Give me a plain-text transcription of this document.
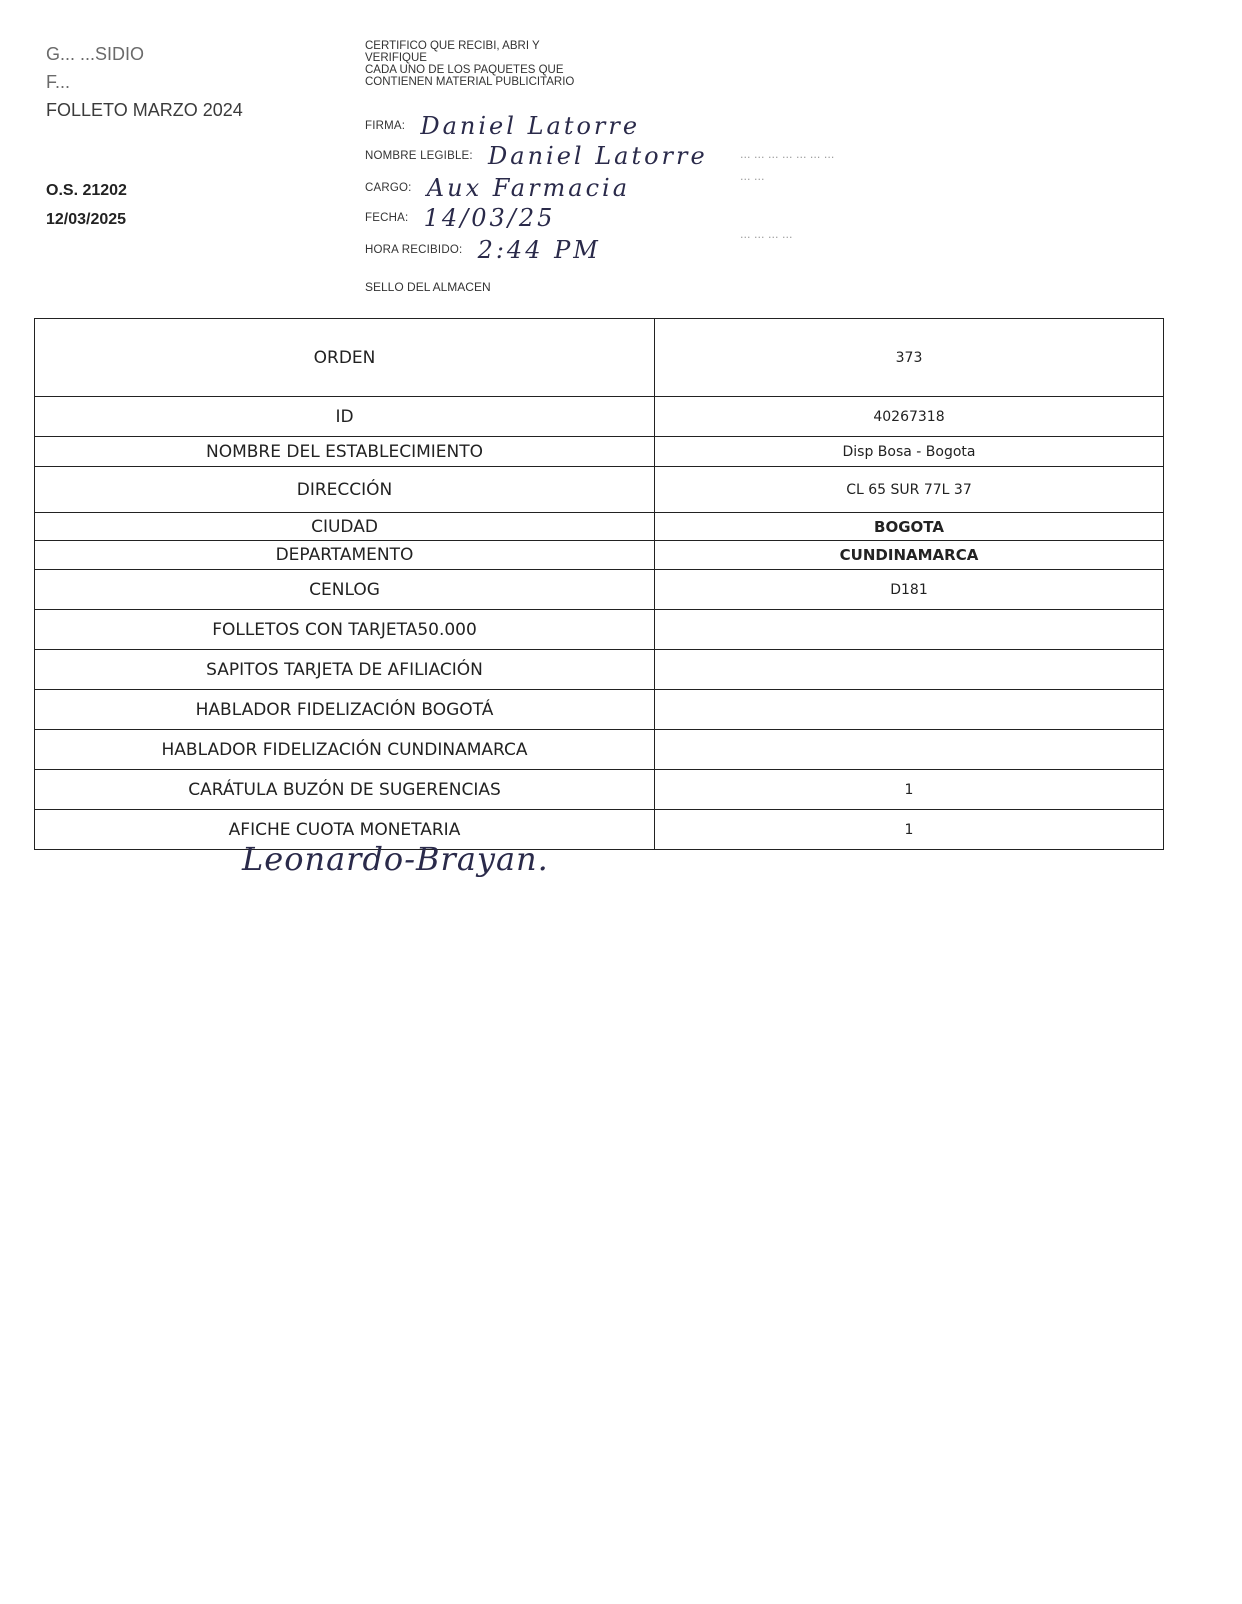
G... ...SIDIO
F...
FOLLETO MARZO 2024
O.S. 21202
12/03/2025
CERTIFICO QUE RECIBI, ABRI Y
VERIFIQUE
CADA UNO DE LOS PAQUETES QUE
CONTIENEN MATERIAL PUBLICITARIO
FIRMA: Daniel Latorre
NOMBRE LEGIBLE: Daniel Latorre
CARGO: Aux Farmacia
FECHA: 14/03/25
HORA RECIBIDO: 2:44 PM
SELLO DEL ALMACEN
... ... ... ... ... ... ...
... ...
... ... ... ...
ORDEN	373
ID	40267318
NOMBRE DEL ESTABLECIMIENTO	Disp Bosa - Bogota
DIRECCIÓN	CL 65 SUR 77L 37
CIUDAD	BOGOTA
DEPARTAMENTO	CUNDINAMARCA
CENLOG	D181
FOLLETOS CON TARJETA50.000	
SAPITOS TARJETA DE AFILIACIÓN	
HABLADOR FIDELIZACIÓN BOGOTÁ	
HABLADOR FIDELIZACIÓN CUNDINAMARCA	
CARÁTULA BUZÓN DE SUGERENCIAS	1
AFICHE CUOTA MONETARIA	1
Leonardo-Brayan.
